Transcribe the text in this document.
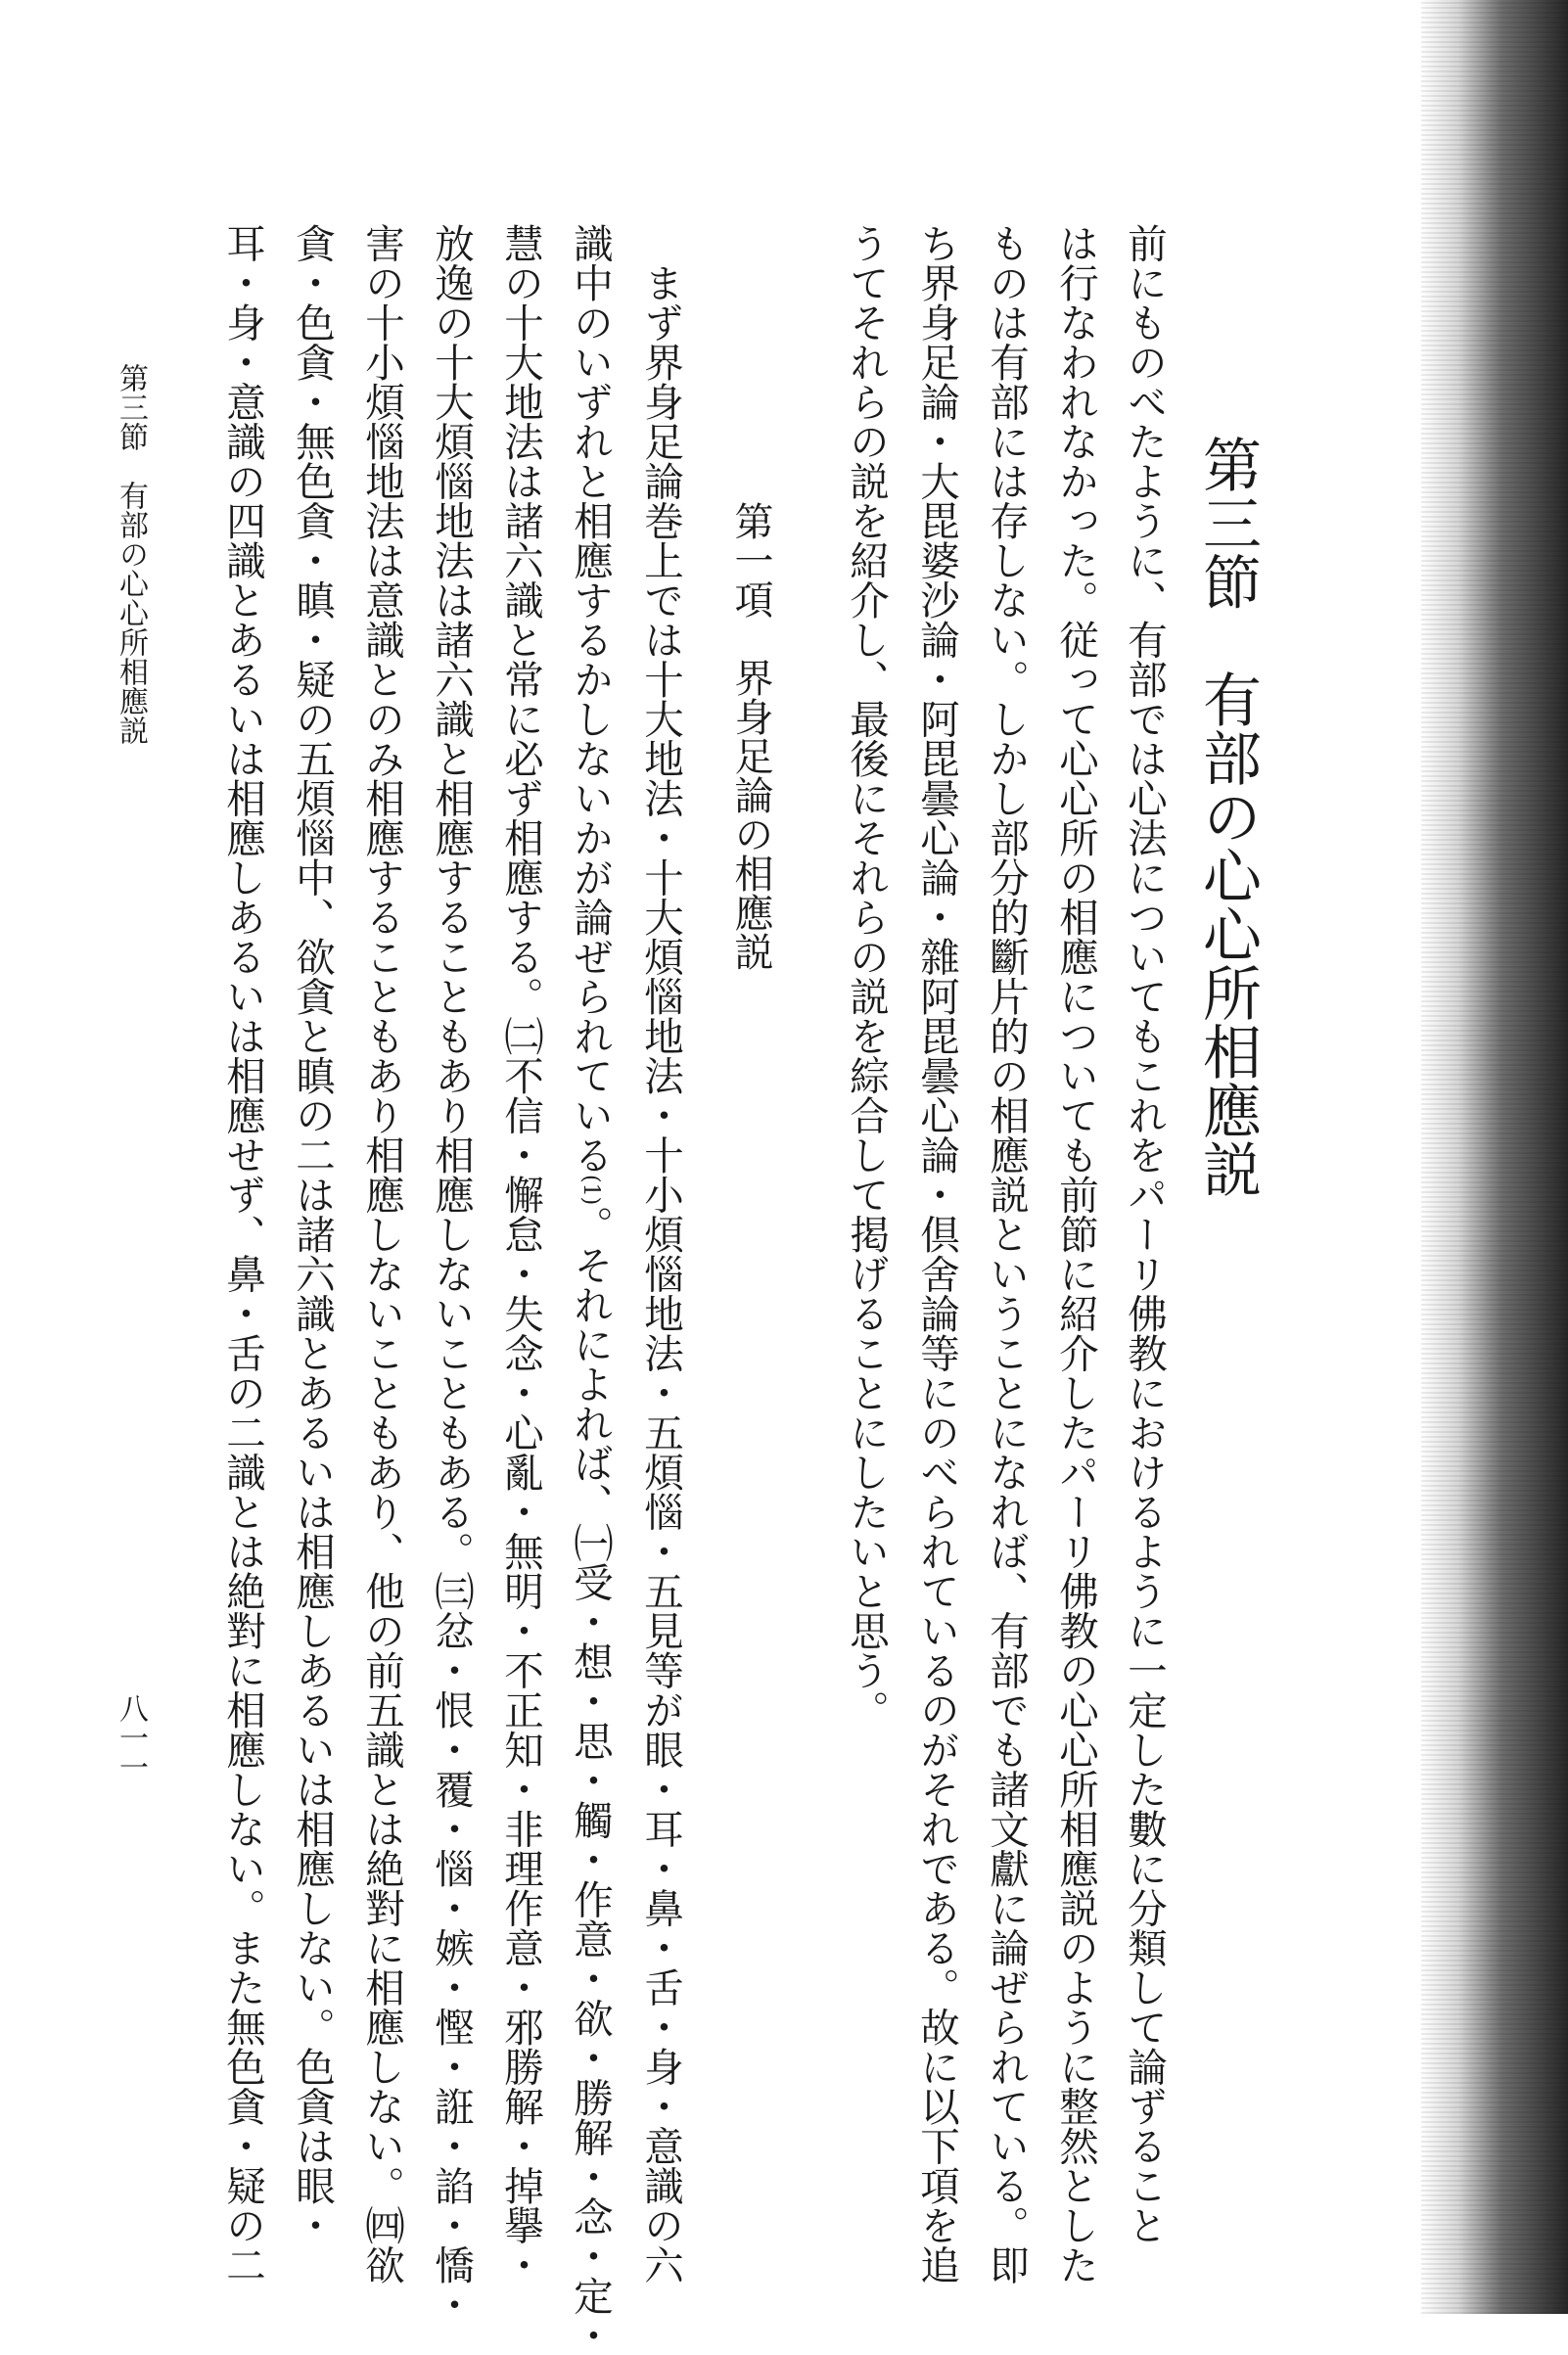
第三節　有部の心心所相應説
前にものべたように、有部では心法についてもこれをパーリ佛教におけるように一定した數に分類して論ずること
は行なわれなかった。従って心心所の相應についても前節に紹介したパーリ佛教の心心所相應説のように整然とした
ものは有部には存しない。しかし部分的斷片的の相應説ということになれば、有部でも諸文獻に論ぜられている。即
ち界身足論・大毘婆沙論・阿毘曇心論・雜阿毘曇心論・倶舍論等にのべられているのがそれである。故に以下項を追
うてそれらの説を紹介し、最後にそれらの説を綜合して掲げることにしたいと思う。
第一項　界身足論の相應説
　まず界身足論巻上では十大地法・十大煩惱地法・十小煩惱地法・五煩惱・五見等が眼・耳・鼻・舌・身・意識の六
識中のいずれと相應するかしないかが論ぜられている(1)。それによれば、㈠受・想・思・觸・作意・欲・勝解・念・定・
慧の十大地法は諸六識と常に必ず相應する。㈡不信・懈怠・失念・心亂・無明・不正知・非理作意・邪勝解・掉擧・
放逸の十大煩惱地法は諸六識と相應することもあり相應しないこともある。㈢忿・恨・覆・惱・嫉・慳・誑・諂・憍・
害の十小煩惱地法は意識とのみ相應することもあり相應しないこともあり、他の前五識とは絶對に相應しない。㈣欲
貪・色貪・無色貪・瞋・疑の五煩惱中、欲貪と瞋の二は諸六識とあるいは相應しあるいは相應しない。色貪は眼・
耳・身・意識の四識とあるいは相應しあるいは相應せず、鼻・舌の二識とは絶對に相應しない。また無色貪・疑の二
第三節　有部の心心所相應説
八一一
